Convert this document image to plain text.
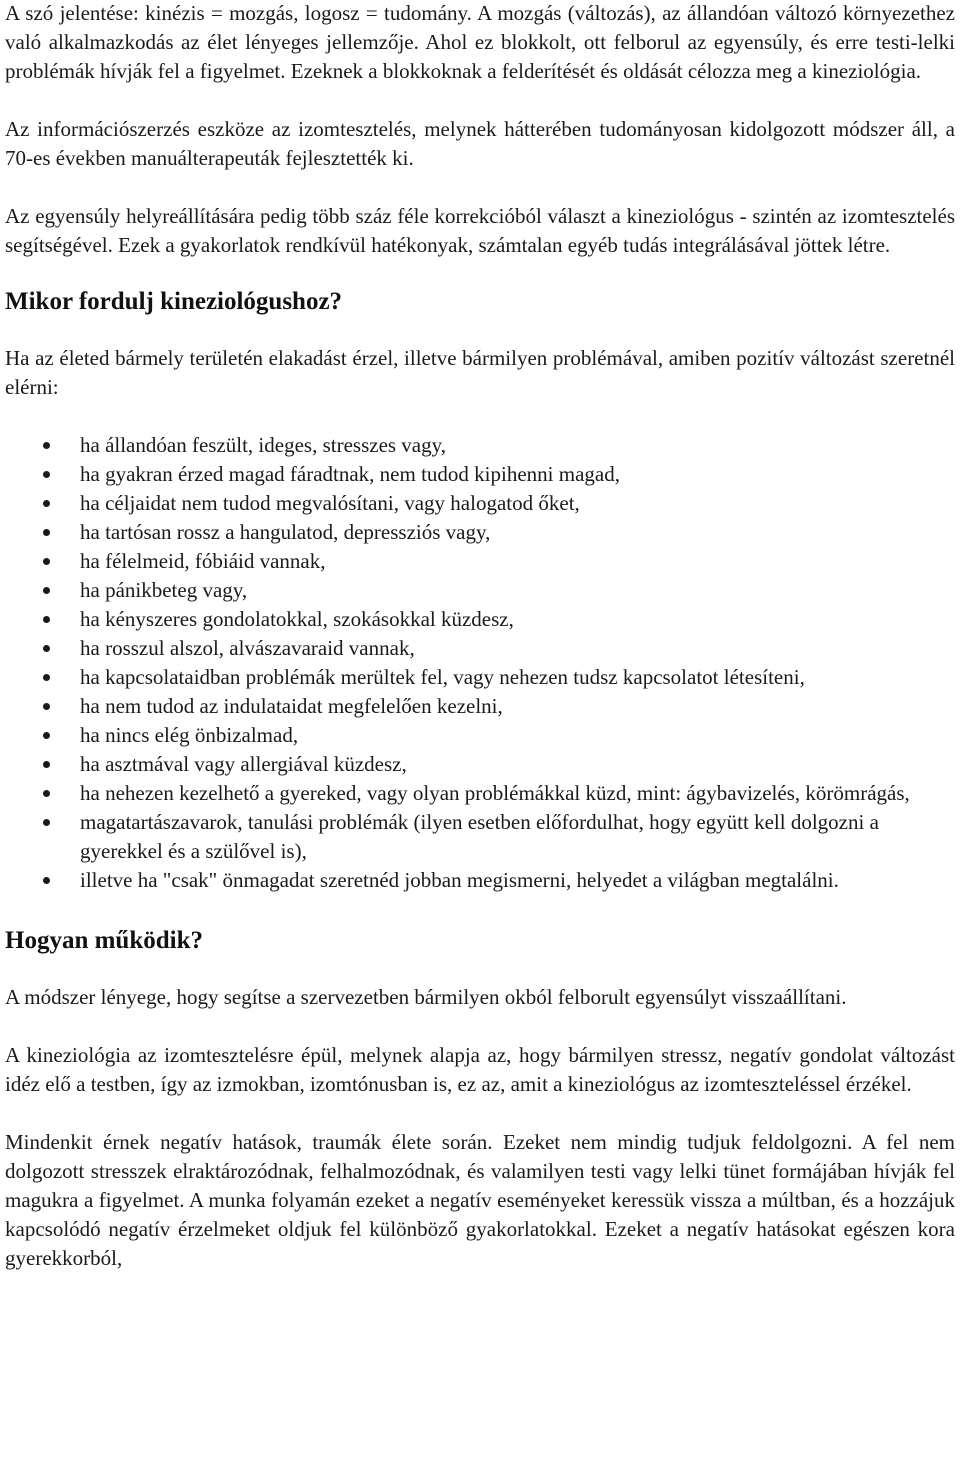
A szó jelentése: kinézis = mozgás, logosz = tudomány. A mozgás (változás), az állandóan változó környezethez való alkalmazkodás az élet lényeges jellemzője. Ahol ez blokkolt, ott felborul az egyensúly, és erre testi-lelki problémák hívják fel a figyelmet. Ezeknek a blokkoknak a felderítését és oldását célozza meg a kineziológia.

Az információszerzés eszköze az izomtesztelés, melynek hátterében tudományosan kidolgozott módszer áll, a 70-es években manuálterapeuták fejlesztették ki.

Az egyensúly helyreállítására pedig több száz féle korrekcióból választ a kineziológus - szintén az izomtesztelés segítségével. Ezek a gyakorlatok rendkívül hatékonyak, számtalan egyéb tudás integrálásával jöttek létre.

Mikor fordulj kineziológushoz?

Ha az életed bármely területén elakadást érzel, illetve bármilyen problémával, amiben pozitív változást szeretnél elérni:

ha állandóan feszült, ideges, stresszes vagy,
ha gyakran érzed magad fáradtnak, nem tudod kipihenni magad,
ha céljaidat nem tudod megvalósítani, vagy halogatod őket,
ha tartósan rossz a hangulatod, depressziós vagy,
ha félelmeid, fóbiáid vannak,
ha pánikbeteg vagy,
ha kényszeres gondolatokkal, szokásokkal küzdesz,
ha rosszul alszol, alvászavaraid vannak,
ha kapcsolataidban problémák merültek fel, vagy nehezen tudsz kapcsolatot létesíteni,
ha nem tudod az indulataidat megfelelően kezelni,
ha nincs elég önbizalmad,
ha asztmával vagy allergiával küzdesz,
ha nehezen kezelhető a gyereked, vagy olyan problémákkal küzd, mint: ágybavizelés, körömrágás,
magatartászavarok, tanulási problémák (ilyen esetben előfordulhat, hogy együtt kell dolgozni a gyerekkel és a szülővel is),
illetve ha "csak" önmagadat szeretnéd jobban megismerni, helyedet a világban megtalálni.
Hogyan működik?

A módszer lényege, hogy segítse a szervezetben bármilyen okból felborult egyensúlyt visszaállítani.

A kineziológia az izomtesztelésre épül, melynek alapja az, hogy bármilyen stressz, negatív gondolat változást idéz elő a testben, így az izmokban, izomtónusban is, ez az, amit a kineziológus az izomteszteléssel érzékel.

Mindenkit érnek negatív hatások, traumák élete során. Ezeket nem mindig tudjuk feldolgozni. A fel nem dolgozott stresszek elraktározódnak, felhalmozódnak, és valamilyen testi vagy lelki tünet formájában hívják fel magukra a figyelmet. A munka folyamán ezeket a negatív eseményeket keressük vissza a múltban, és a hozzájuk kapcsolódó negatív érzelmeket oldjuk fel különböző gyakorlatokkal. Ezeket a negatív hatásokat egészen kora gyerekkorból,
